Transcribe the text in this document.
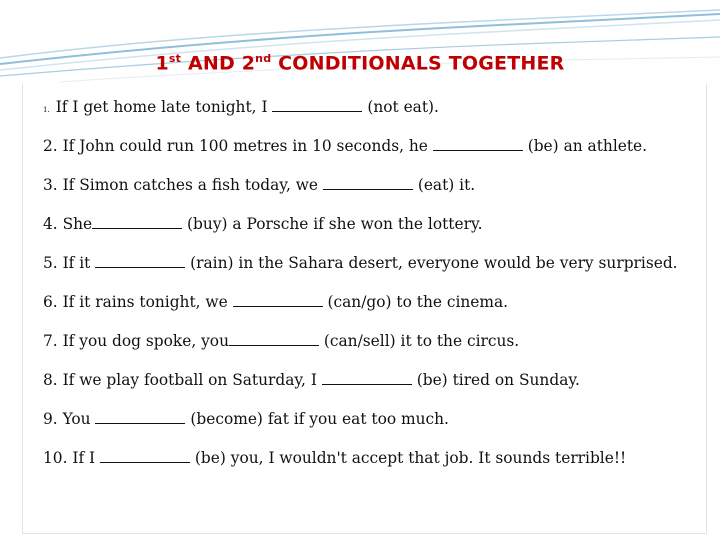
1st AND 2nd CONDITIONALS TOGETHER
1. If I get home late tonight, I	(not eat).
2. If John could run 100 metres in 10 seconds, he	(be) an athlete.
3. If Simon catches a fish today, we	(eat) it.
4. She	(buy) a Porsche if she won the lottery.
5. If it	(rain) in the Sahara desert, everyone would be very surprised.
6. If it rains tonight, we	(can/go) to the cinema.
7. If you dog spoke, you	(can/sell) it to the circus.
8. If we play football on Saturday, I	(be) tired on Sunday.
9. You	(become) fat if you eat too much.
10. If I	(be) you, I wouldn't accept that job. It sounds terrible!!
